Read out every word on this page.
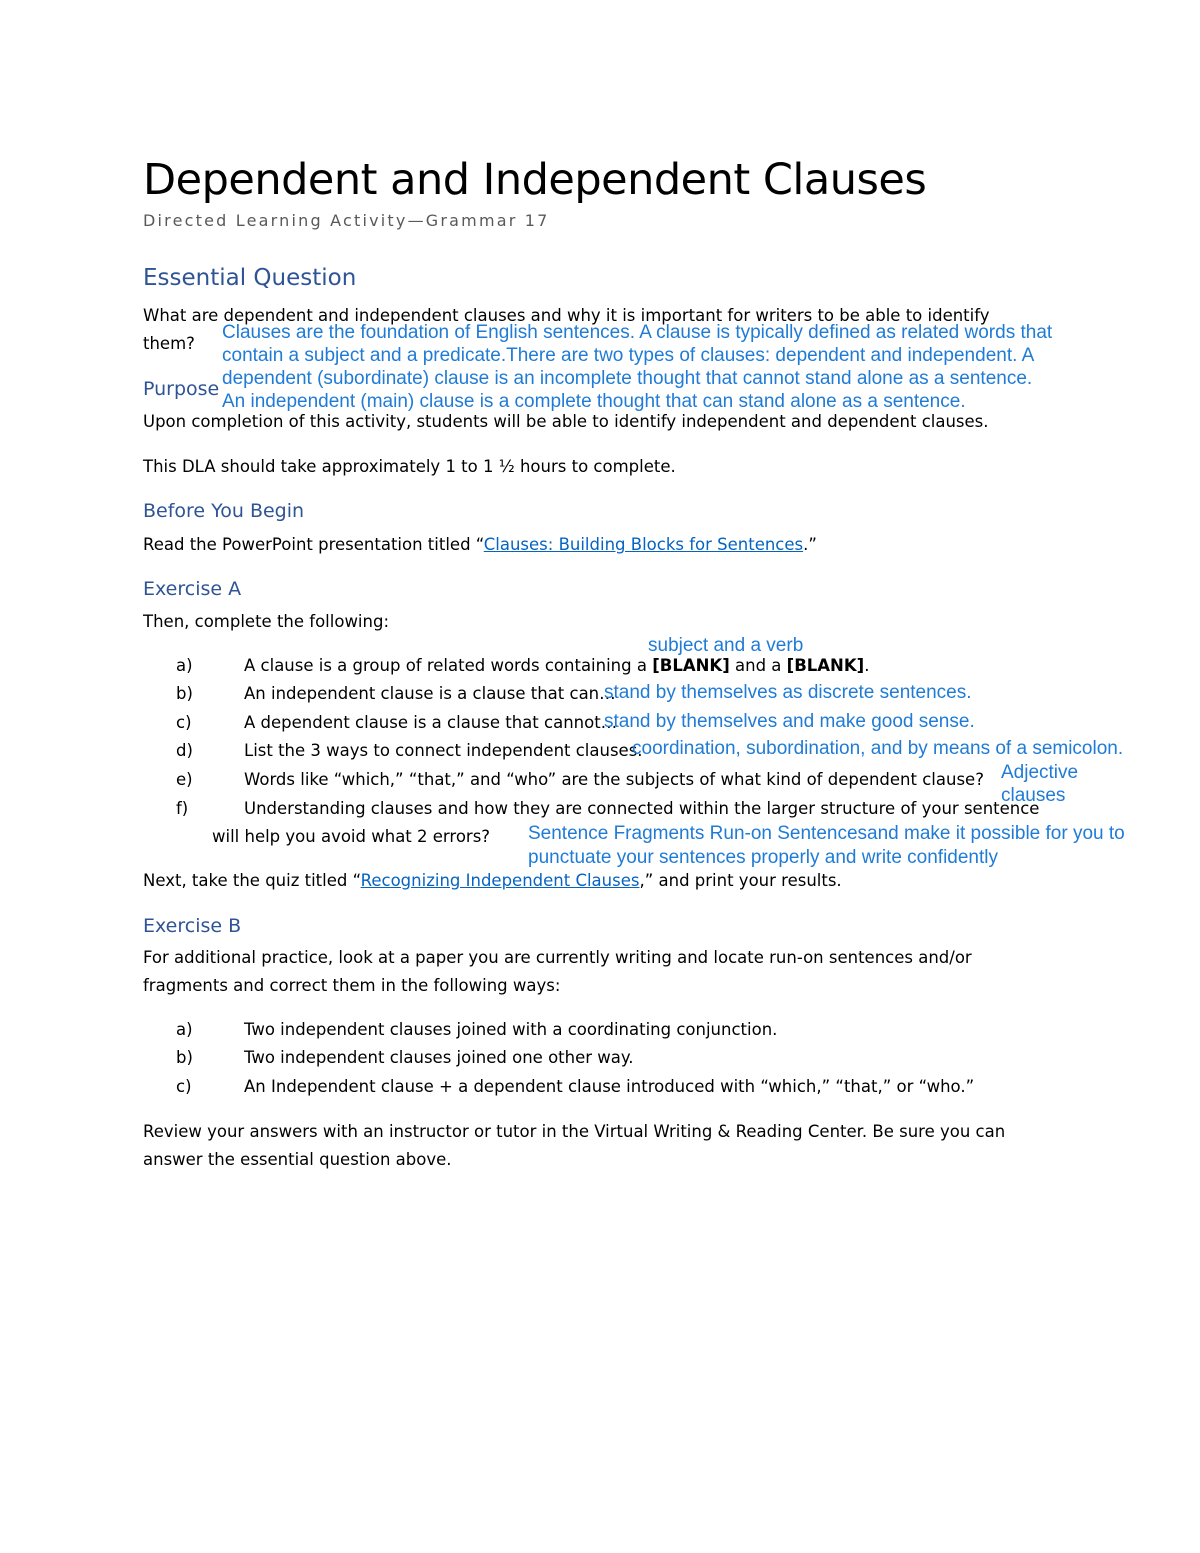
Dependent and Independent Clauses
Directed Learning Activity—Grammar 17
Essential Question
What are dependent and independent clauses and why it is important for writers to be able to identify
them?
Purpose
Upon completion of this activity, students will be able to identify independent and dependent clauses.
This DLA should take approximately 1 to 1 ½ hours to complete.
Before You Begin
Read the PowerPoint presentation titled “Clauses: Building Blocks for Sentences.”
Exercise A
Then, complete the following:
a)	A clause is a group of related words containing a [BLANK] and a [BLANK].
b)	An independent clause is a clause that can…
c)	A dependent clause is a clause that cannot…
d)	List the 3 ways to connect independent clauses.
e)	Words like “which,” “that,” and “who” are the subjects of what kind of dependent clause?
f)	Understanding clauses and how they are connected within the larger structure of your sentence
will help you avoid what 2 errors?
Next, take the quiz titled “Recognizing Independent Clauses,” and print your results.
Exercise B
For additional practice, look at a paper you are currently writing and locate run-on sentences and/or
fragments and correct them in the following ways:
a)	Two independent clauses joined with a coordinating conjunction.
b)	Two independent clauses joined one other way.
c)	An Independent clause + a dependent clause introduced with “which,” “that,” or “who.”
Review your answers with an instructor or tutor in the Virtual Writing & Reading Center. Be sure you can
answer the essential question above.
Clauses are the foundation of English sentences. A clause is typically defined as related words that
contain a subject and a predicate.There are two types of clauses: dependent and independent. A
dependent (subordinate) clause is an incomplete thought that cannot stand alone as a sentence.
An independent (main) clause is a complete thought that can stand alone as a sentence.
subject and a verb
stand by themselves as discrete sentences.
stand by themselves and make good sense.
coordination, subordination, and by means of a semicolon.
Adjective
clauses
Sentence Fragments Run-on Sentencesand make it possible for you to
punctuate your sentences properly and write confidently
